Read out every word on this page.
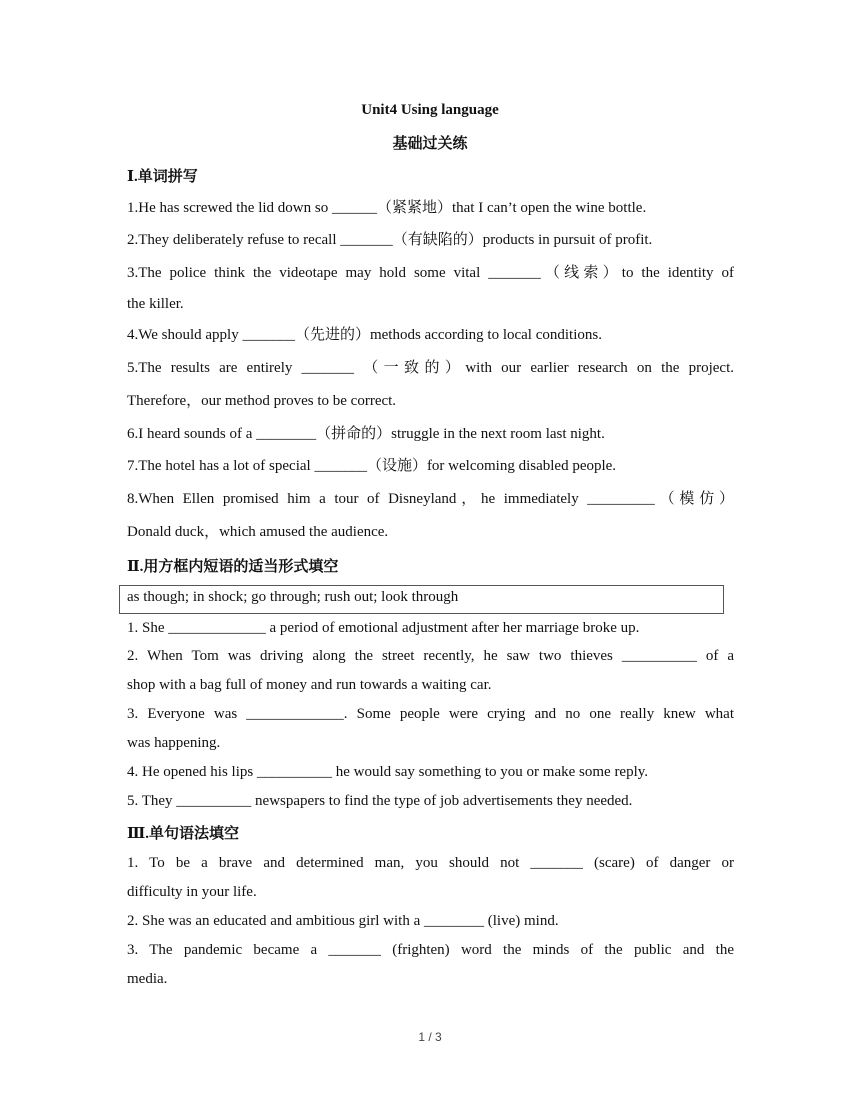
Unit4 Using language
基础过关练
Ⅰ.单词拼写
1.He has screwed the lid down so ______（紧紧地）that I can’t open the wine bottle.
2.They deliberately refuse to recall _______（有缺陷的）products in pursuit of profit.
3.The police think the videotape may hold some vital _______（线索）to the identity of
the killer.
4.We should apply _______（先进的）methods according to local conditions.
5.The results are entirely _______ （一致的）with our earlier research on the project.
Therefore，our method proves to be correct.
6.I heard sounds of a ________（拼命的）struggle in the next room last night.
7.The hotel has a lot of special _______（设施）for welcoming disabled people.
8.When Ellen promised him a tour of Disneyland，he immediately _________（模仿）
Donald duck，which amused the audience.
Ⅱ.用方框内短语的适当形式填空
as though; in shock; go through; rush out; look through
1. She _____________ a period of emotional adjustment after her marriage broke up.
2. When Tom was driving along the street recently, he saw two thieves __________ of a
shop with a bag full of money and run towards a waiting car.
3. Everyone was _____________. Some people were crying and no one really knew what
was happening.
4. He opened his lips __________ he would say something to you or make some reply.
5. They __________ newspapers to find the type of job advertisements they needed.
Ⅲ.单句语法填空
1. To be a brave and determined man, you should not _______ (scare) of danger or
difficulty in your life.
2. She was an educated and ambitious girl with a ________ (live) mind.
3. The pandemic became a _______ (frighten) word the minds of the public and the
media.
1 / 3
